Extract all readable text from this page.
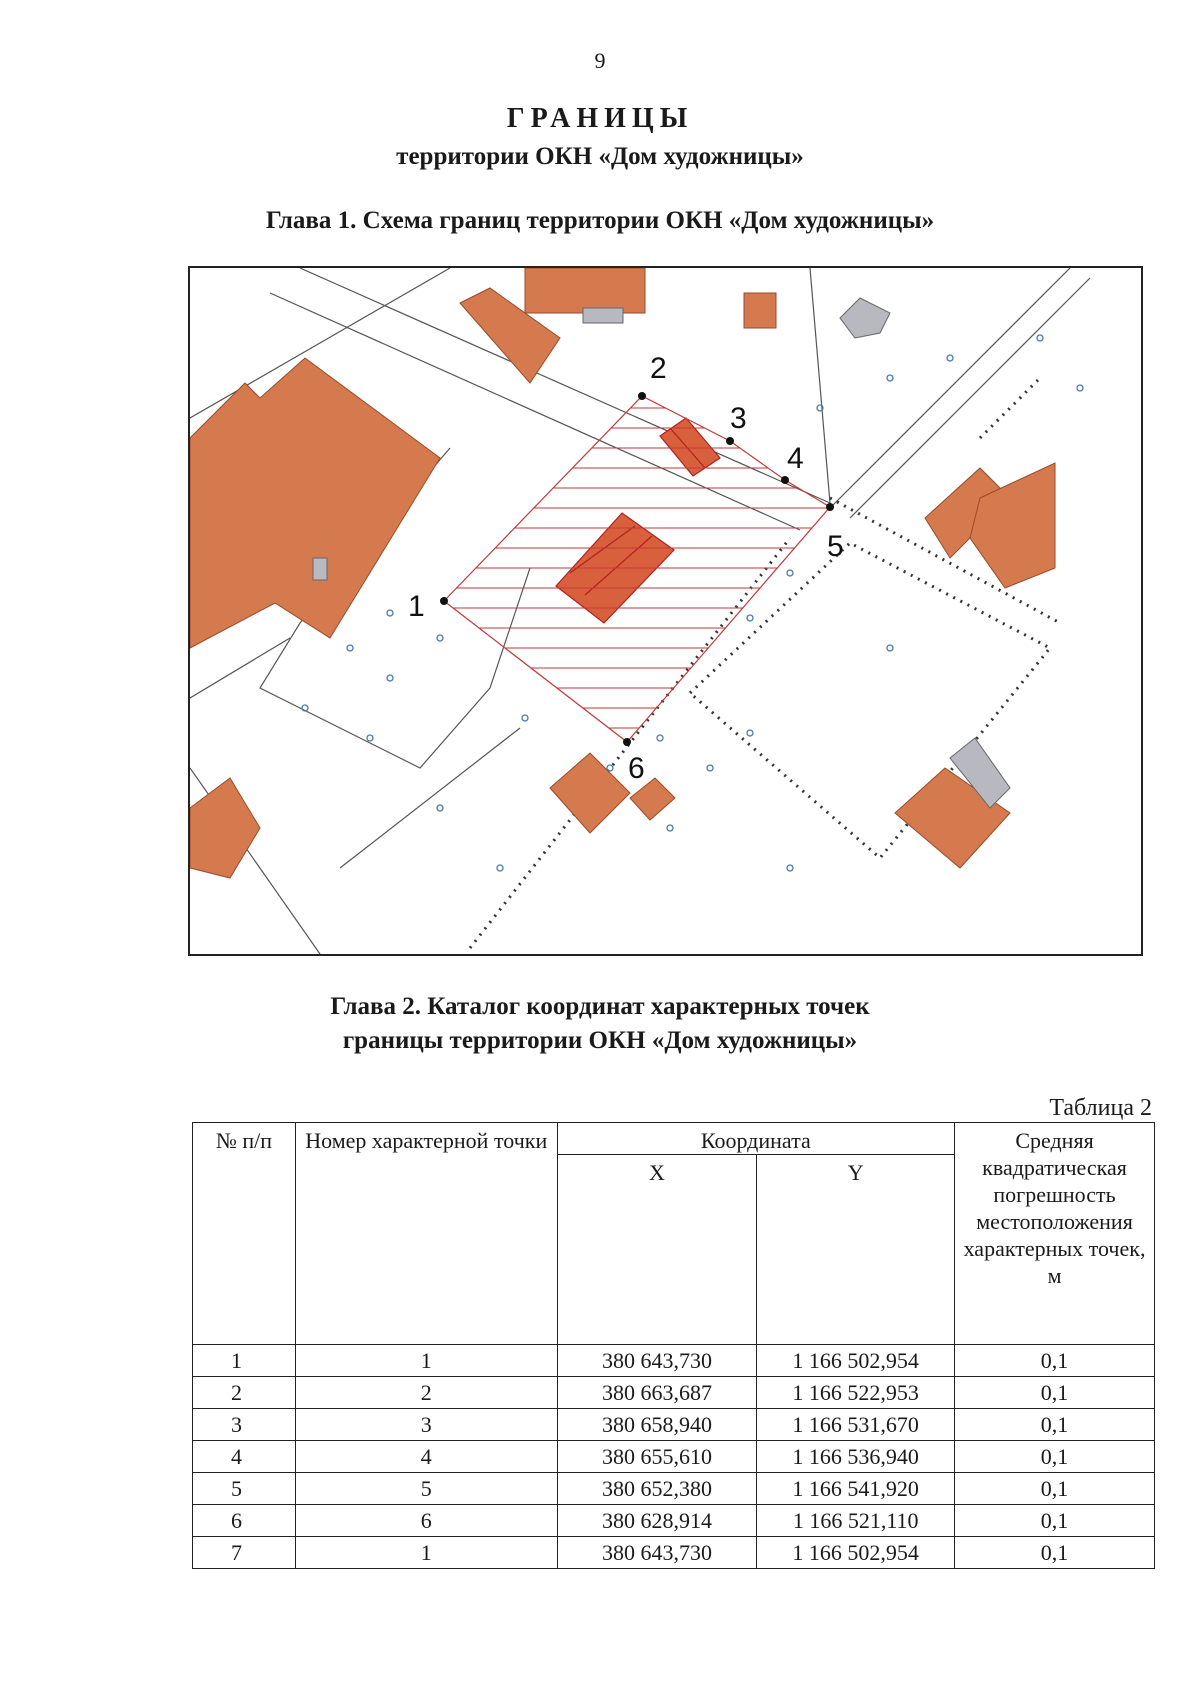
9
ГРАНИЦЫ
территории ОКН «Дом художницы»
Глава 1. Схема границ территории ОКН «Дом художницы»
1
2
3
4
5
6
Глава 2. Каталог координат характерных точек
границы территории ОКН «Дом художницы»
Таблица 2
№ п/п	Номер характерной точки	Координата		Средняя квадратическая погрешность местоположения характерных точек, м
		X	Y	
1	1	380 643,730	1 166 502,954	0,1
2	2	380 663,687	1 166 522,953	0,1
3	3	380 658,940	1 166 531,670	0,1
4	4	380 655,610	1 166 536,940	0,1
5	5	380 652,380	1 166 541,920	0,1
6	6	380 628,914	1 166 521,110	0,1
7	1	380 643,730	1 166 502,954	0,1
